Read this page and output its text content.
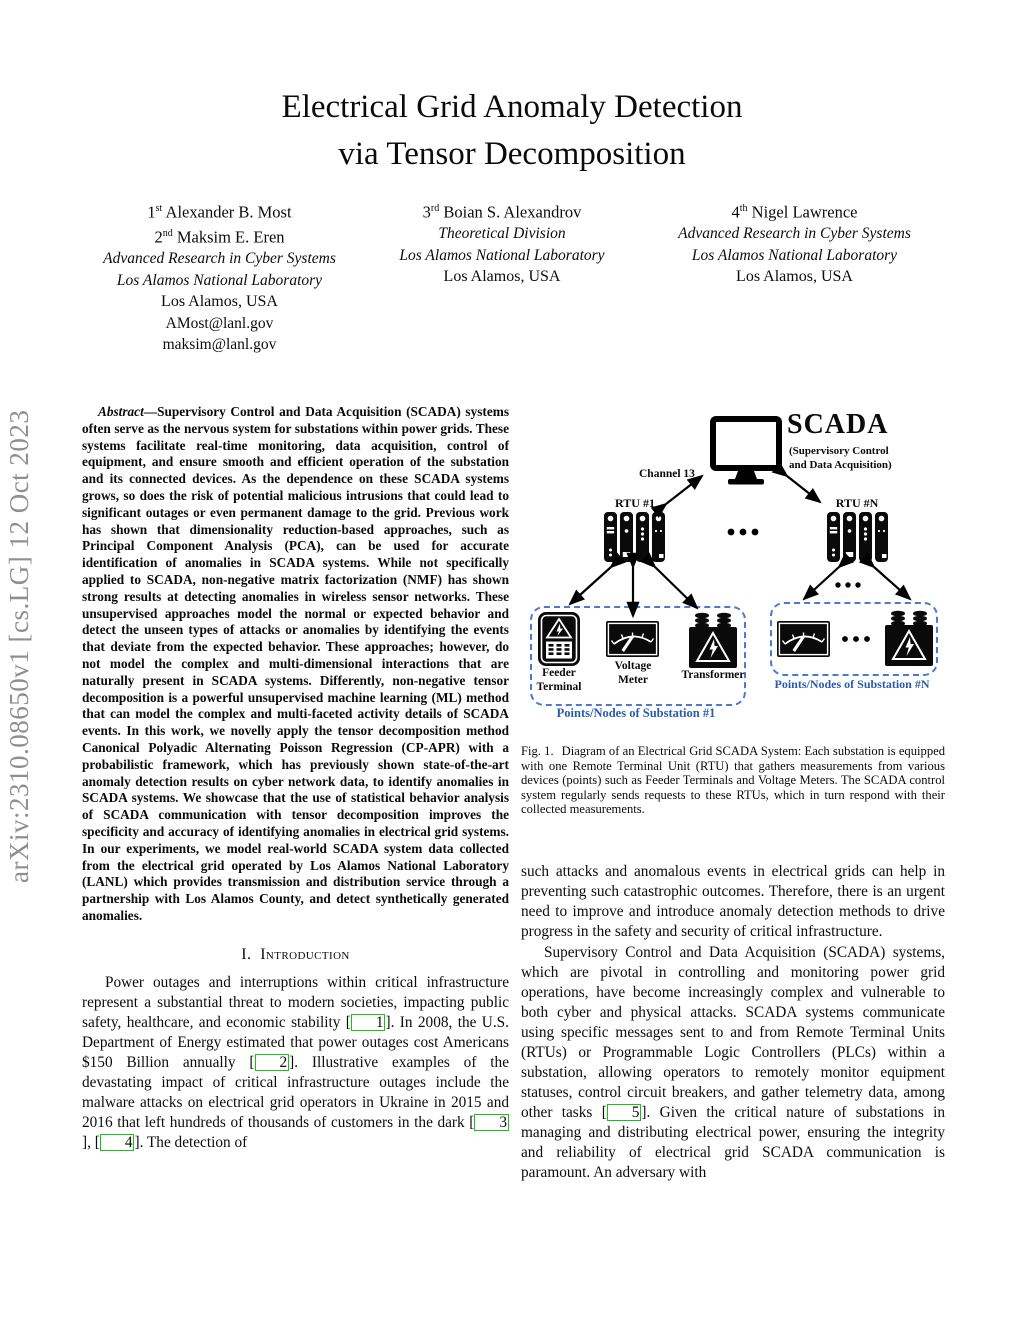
arXiv:2310.08650v1 [cs.LG] 12 Oct 2023
Electrical Grid Anomaly Detection
via Tensor Decomposition
1st Alexander B. Most
2nd Maksim E. Eren
Advanced Research in Cyber Systems
Los Alamos National Laboratory
Los Alamos, USA
AMost@lanl.gov
maksim@lanl.gov
3rd Boian S. Alexandrov
Theoretical Division
Los Alamos National Laboratory
Los Alamos, USA
4th Nigel Lawrence
Advanced Research in Cyber Systems
Los Alamos National Laboratory
Los Alamos, USA

Abstract—Supervisory Control and Data Acquisition (SCADA) systems often serve as the nervous system for substations within power grids. These systems facilitate real-time monitoring, data acquisition, control of equipment, and ensure smooth and efficient operation of the substation and its connected devices. As the dependence on these SCADA systems grows, so does the risk of potential malicious intrusions that could lead to significant outages or even permanent damage to the grid. Previous work has shown that dimensionality reduction-based approaches, such as Principal Component Analysis (PCA), can be used for accurate identification of anomalies in SCADA systems. While not specifically applied to SCADA, non-negative matrix factorization (NMF) has shown strong results at detecting anomalies in wireless sensor networks. These unsupervised approaches model the normal or expected behavior and detect the unseen types of attacks or anomalies by identifying the events that deviate from the expected behavior. These approaches; however, do not model the complex and multi-dimensional interactions that are naturally present in SCADA systems. Differently, non-negative tensor decomposition is a powerful unsupervised machine learning (ML) method that can model the complex and multi-faceted activity details of SCADA events. In this work, we novelly apply the tensor decomposition method Canonical Polyadic Alternating Poisson Regression (CP-APR) with a probabilistic framework, which has previously shown state-of-the-art anomaly detection results on cyber network data, to identify anomalies in SCADA systems. We showcase that the use of statistical behavior analysis of SCADA communication with tensor decomposition improves the specificity and accuracy of identifying anomalies in electrical grid systems. In our experiments, we model real-world SCADA system data collected from the electrical grid operated by Los Alamos National Laboratory (LANL) which provides transmission and distribution service through a partnership with Los Alamos County, and detect synthetically generated anomalies.

I. Introduction

Power outages and interruptions within critical infrastructure represent a substantial threat to modern societies, impacting public safety, healthcare, and economic stability [ 1 ]. In 2008, the U.S. Department of Energy estimated that power outages cost Americans $150 Billion annually [ 2 ]. Illustrative examples of the devastating impact of critical infrastructure outages include the malware attacks on electrical grid operators in Ukraine in 2015 and 2016 that left hundreds of thousands of customers in the dark [ 3], [ 4 ]. The detection of

SCADA
(Supervisory Control
and Data Acquisition)
Channel 13
RTU #1	RTU #N
Feeder
Terminal
Voltage
Meter	Transformer
Points/Nodes of Substation #1
Points/Nodes of Substation #N

Fig. 1. Diagram of an Electrical Grid SCADA System: Each substation is equipped with one Remote Terminal Unit (RTU) that gathers measurements from various devices (points) such as Feeder Terminals and Voltage Meters. The SCADA control system regularly sends requests to these RTUs, which in turn respond with their collected measurements.

such attacks and anomalous events in electrical grids can help in preventing such catastrophic outcomes. Therefore, there is an urgent need to improve and introduce anomaly detection methods to drive progress in the safety and security of critical infrastructure.

Supervisory Control and Data Acquisition (SCADA) systems, which are pivotal in controlling and monitoring power grid operations, have become increasingly complex and vulnerable to both cyber and physical attacks. SCADA systems communicate using specific messages sent to and from Remote Terminal Units (RTUs) or Programmable Logic Controllers (PLCs) within a substation, allowing operators to remotely monitor equipment statuses, control circuit breakers, and gather telemetry data, among other tasks [ 5 ]. Given the critical nature of substations in managing and distributing electrical power, ensuring the integrity and reliability of electrical grid SCADA communication is paramount. An adversary with
